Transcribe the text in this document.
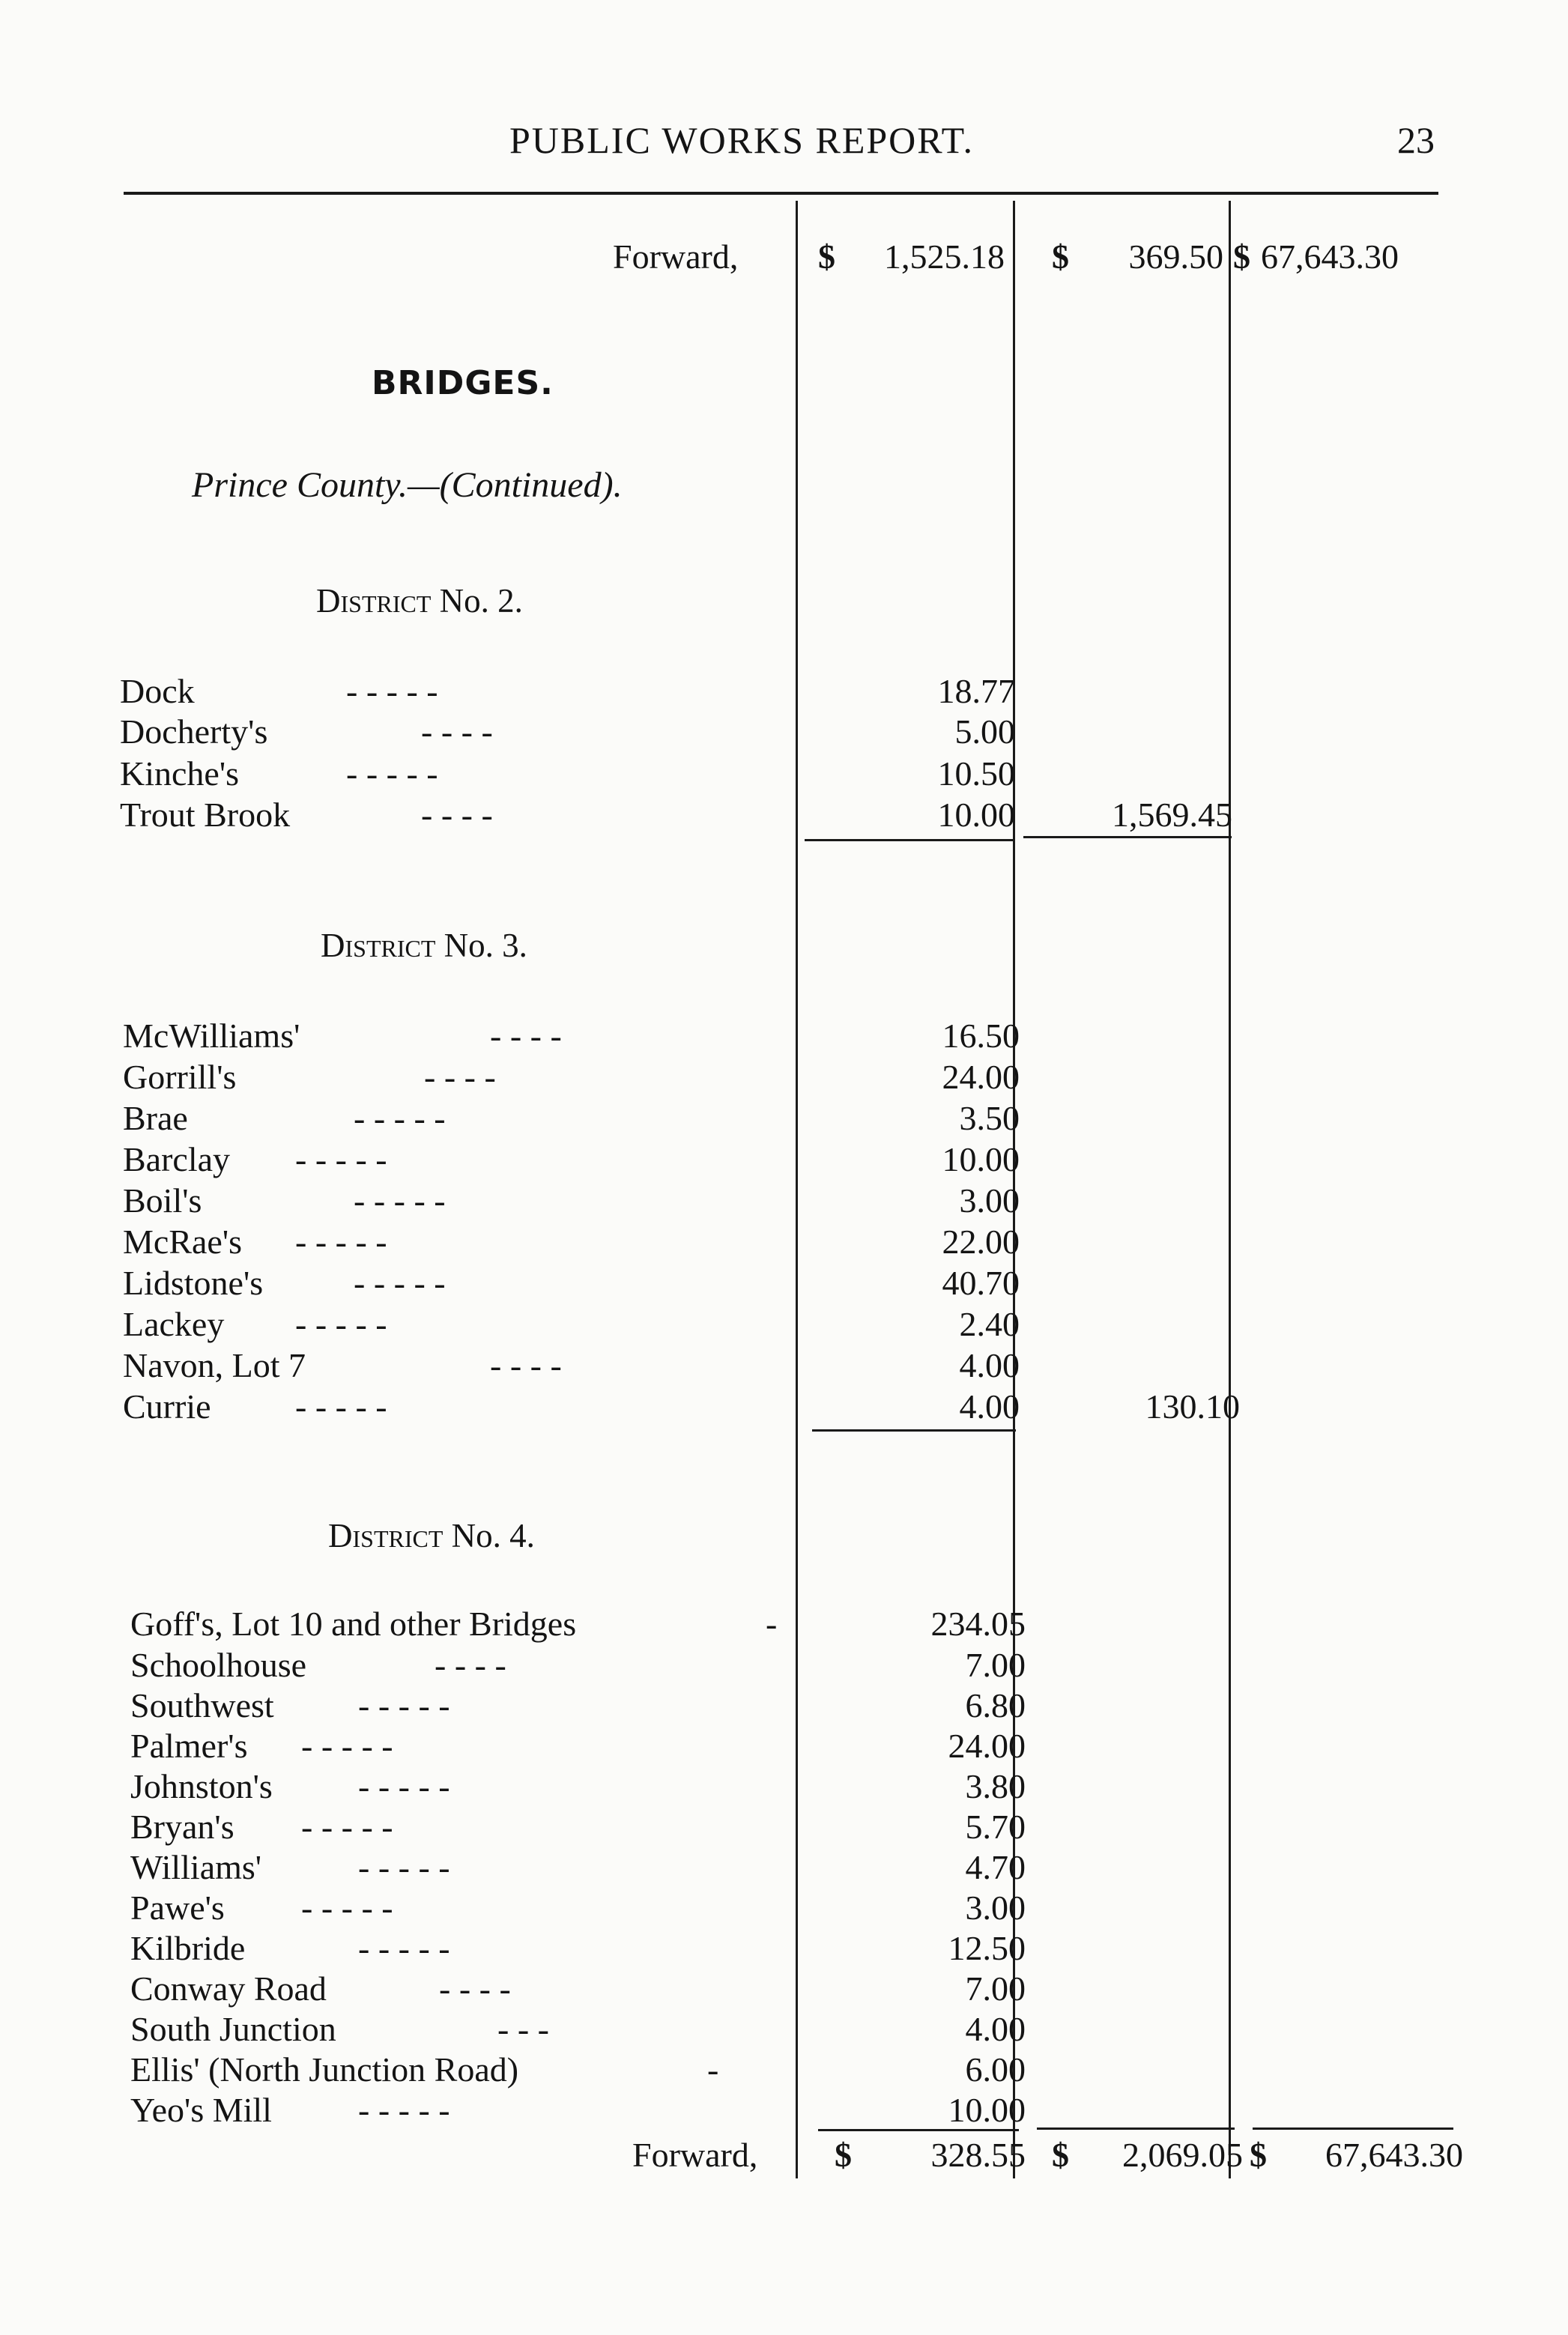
PUBLIC WORKS REPORT.	23
Forward, $ 1,525.18 $ 369.50 $ 67,643.30
BRIDGES.
Prince County.—(Continued).
District No. 2.
Dock	- - - - -	18.77
Docherty's	- - - -	5.00
Kinche's	- - - - -	10.50
Trout Brook	- - - -	10.00	1,569.45
District No. 3.
McWilliams'	- - - -	16.50
Gorrill's	- - - -	24.00
Brae	- - - - -	3.50
Barclay - - - - -	10.00
Boil's	- - - - -	3.00
McRae's - - - - -	22.00
Lidstone's	- - - - -	40.70
Lackey - - - - -	2.40
Navon, Lot 7	- - - -	4.00
Currie - - - - -	4.00	130.10
District No. 4.
Goff's, Lot 10 and other Bridges	-	234.05
Schoolhouse	- - - -	7.00
Southwest - - - - -	6.80
Palmer's - - - - -	24.00
Johnston's - - - - -	3.80
Bryan's - - - - -	5.70
Williams'	- - - - -	4.70
Pawe's - - - - -	3.00
Kilbride	- - - - -	12.50
Conway Road	- - - -	7.00
South Junction	- - -	4.00
Ellis' (North Junction Road)	-	6.00
Yeo's Mill	- - - - -	10.00
Forward, $ 328.55 $ 2,069.05 $ 67,643.30
